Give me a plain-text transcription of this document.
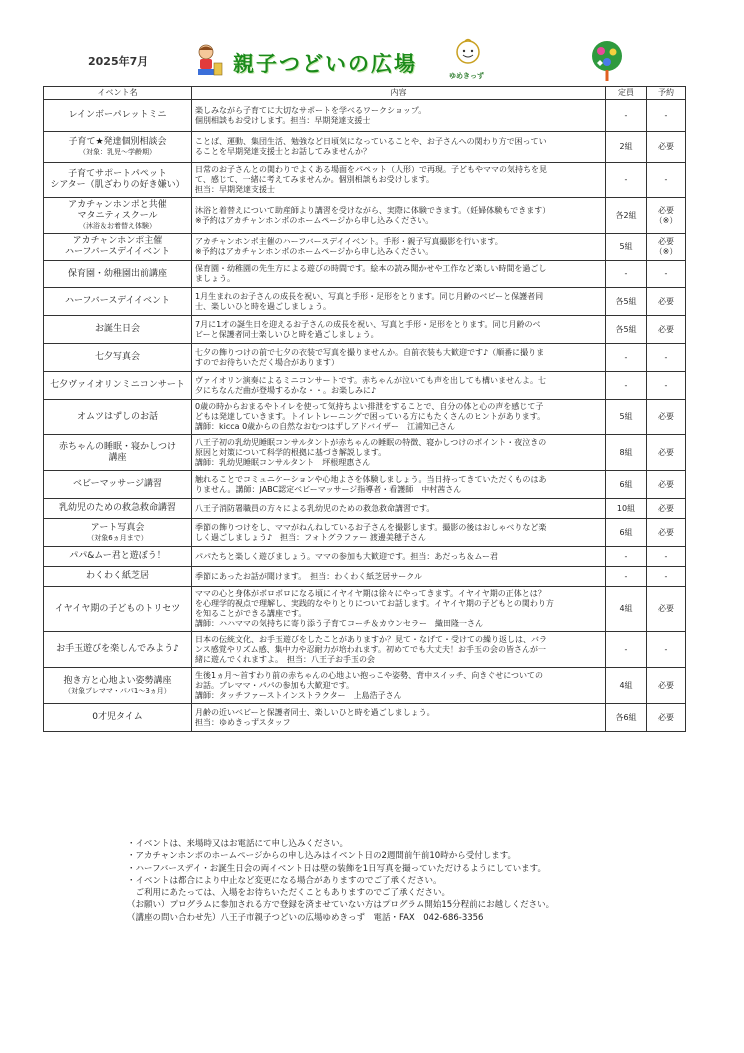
2025年7月	親子つどいの広場	ゆめきっず
イベント名	内容	定員	予約
レインボーパレットミニ	楽しみながら子育てに大切なサポートを学べるワークショップ。
個別相談もお受けします。担当：早期発達支援士	-	-
子育て★発達個別相談会
（対象：乳児～学齢期）	ことば、運動、集団生活、勉強など日頃気になっていることや、お子さんへの関わり方で困ってい
ることを早期発達支援士とお話してみませんか？	2組	必要
子育てサポートパペット
シアター（肌ざわりの好き嫌い）	日常のお子さんとの関わりでよくある場面をパペット（人形）で再現。子どもやママの気持ちを見
て、感じて、一緒に考えてみませんか。個別相談もお受けします。
担当：早期発達支援士	-	-
アカチャンホンポと共催
マタニティスクール
（沐浴＆お着替え体験）	沐浴と着替えについて助産師より講習を受けながら、実際に体験できます。（妊婦体験もできます）
※予約はアカチャンホンポのホームページから申し込みください。	各2組	必要
（※）
アカチャンホンポ主催
ハーフバースデイイベント	アカチャンホンポ主催のハーフバースデイイベント。手形・親子写真撮影を行います。
※予約はアカチャンホンポのホームページから申し込みください。	5組	必要
（※）
保育園・幼稚園出前講座	保育園・幼稚園の先生方による遊びの時間です。絵本の読み聞かせや工作など楽しい時間を過ごし
ましょう。	-	-
ハーフバースデイイベント	1月生まれのお子さんの成長を祝い、写真と手形・足形をとります。同じ月齢のベビーと保護者同
士、楽しいひと時を過ごしましょう。	各5組	必要
お誕生日会	7月に1才の誕生日を迎えるお子さんの成長を祝い、写真と手形・足形をとります。同じ月齢のベ
ビーと保護者同士楽しいひと時を過ごしましょう。	各5組	必要
七夕写真会	七夕の飾りつけの前で七夕の衣装で写真を撮りませんか。自前衣装も大歓迎です♪（順番に撮りま
すのでお待ちいただく場合があります）	-	-
七夕ヴァイオリンミニコンサート	ヴァイオリン演奏によるミニコンサートです。赤ちゃんが泣いても声を出しても構いませんよ。七
夕にちなんだ曲が登場するかな・・。お楽しみに♪	-	-
オムツはずしのお話	0歳の時からおまるやトイレを使って気持ちよい排泄をすることで、自分の体と心の声を感じて子
どもは発達していきます。トイレトレーニングで困っている方にもたくさんのヒントがあります。
講師：kicca 0歳からの自然なおむつはずしアドバイザー　江浦知己さん	5組	必要
赤ちゃんの睡眠・寝かしつけ
講座	八王子初の乳幼児睡眠コンサルタントが赤ちゃんの睡眠の特徴、寝かしつけのポイント・夜泣きの
原因と対策について科学的根拠に基づき解説します。
講師：乳幼児睡眠コンサルタント　坪根理惠さん	8組	必要
ベビーマッサージ講習	触れることでコミュニケーションや心地よさを体験しましょう。当日持ってきていただくものはあ
りません。講師：JABC認定ベビーマッサージ指導者・看護師　中村茜さん	6組	必要
乳幼児のための救急救命講習	八王子消防署職員の方々による乳幼児のための救急救命講習です。	10組	必要
アート写真会
（対象6ヵ月まで）	季節の飾りつけをし、ママがねんねしているお子さんを撮影します。撮影の後はおしゃべりなど楽
しく過ごしましょう♪　担当：フォトグラファー 渡邊美穂子さん	6組	必要
パパ&ムー君と遊ぼう！	パパたちと楽しく遊びましょう。ママの参加も大歓迎です。担当：あだっち＆ムー君	-	-
わくわく紙芝居	季節にあったお話が聞けます。　担当：わくわく紙芝居サークル	-	-
イヤイヤ期の子どものトリセツ	ママの心と身体がボロボロになる頃にイヤイヤ期は徐々にやってきます。イヤイヤ期の正体とは？
を心理学的視点で理解し、実践的なやりとりについてお話します。イヤイヤ期の子どもとの関わり方
を知ることができる講座です。
講師：ハハママの気持ちに寄り添う子育てコーチ＆カウンセラー　織田隆一さん	4組	必要
お手玉遊びを楽しんでみよう♪	日本の伝統文化、お手玉遊びをしたことがありますか？見て・なげて・受けての繰り返しは、バラ
ンス感覚やリズム感、集中力や忍耐力が培われます。初めてでも大丈夫！お手玉の会の皆さんが一
緒に遊んでくれますよ。　担当：八王子お手玉の会	-	-
抱き方と心地よい姿勢講座
（対象プレママ・パパ1～3ヵ月）	生後1ヵ月～首すわり前の赤ちゃんの心地よい抱っこや姿勢、背中スイッチ、向きぐせについての
お話。プレママ・パパの参加も大歓迎です。
講師：タッチファーストインストラクター　上島浩子さん	4組	必要
0才児タイム	月齢の近いベビーと保護者同士、楽しいひと時を過ごしましょう。
担当：ゆめきっずスタッフ	各6組	必要
・イベントは、来場時又はお電話にて申し込みください。
・アカチャンホンポのホームページからの申し込みはイベント日の2週間前午前10時から受付します。
・ハーフバースデイ・お誕生日会の両イベント日は壁の装飾を1日写真を撮っていただけるようにしています。
・イベントは都合により中止など変更になる場合がありますのでご了承ください。
　ご利用にあたっては、入場をお待ちいただくこともありますのでご了承ください。
（お願い）プログラムに参加される方で登録を済ませていない方はプログラム開始15分程前にお越しください。
（講座の問い合わせ先）八王子市親子つどいの広場ゆめきっず　電話・FAX　042-686-3356
